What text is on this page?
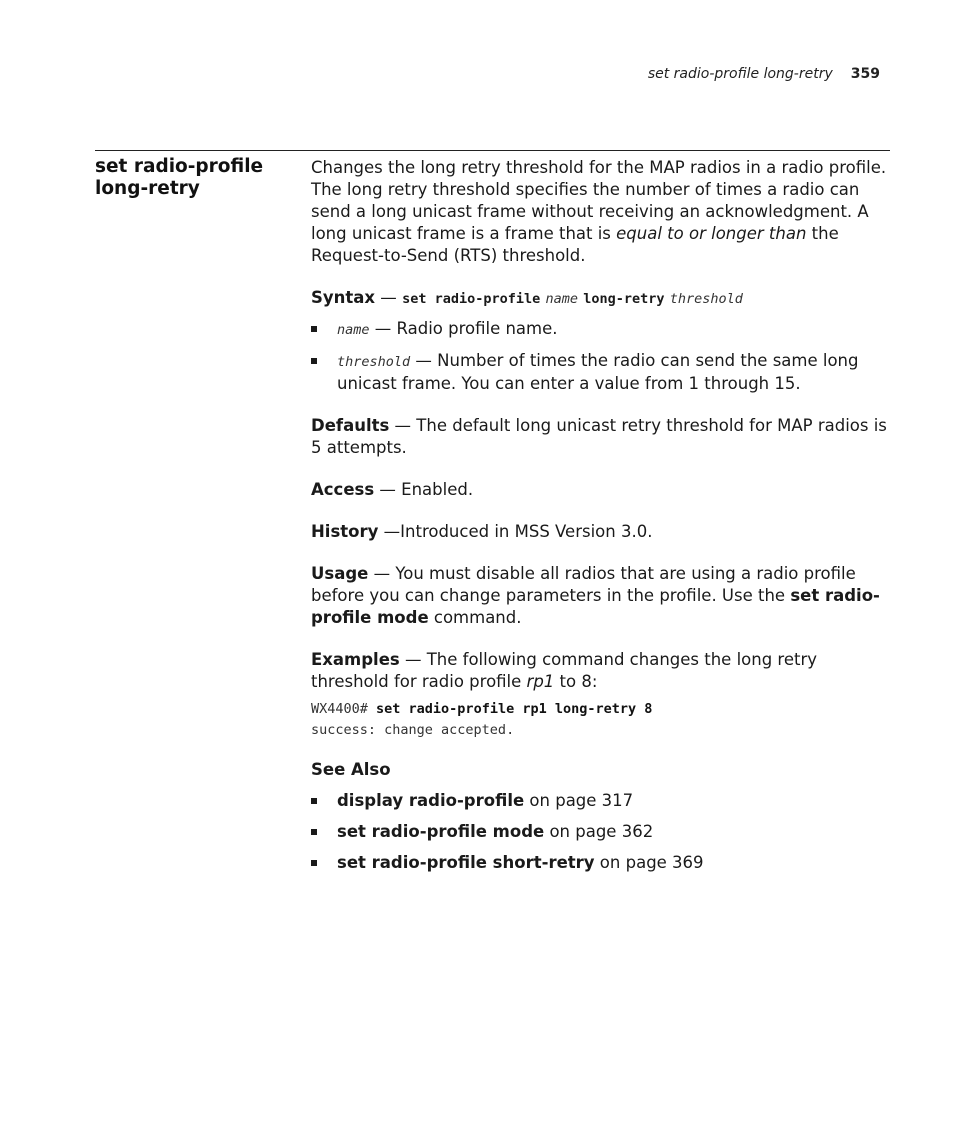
set radio-profile long-retry 359
set radio-profile long-retry

Changes the long retry threshold for the MAP radios in a radio profile. The long retry threshold specifies the number of times a radio can send a long unicast frame without receiving an acknowledgment. A long unicast frame is a frame that is equal to or longer than the Request-to-Send (RTS) threshold.

Syntax — set radio-profile name long-retry threshold

name — Radio profile name.
threshold — Number of times the radio can send the same long unicast frame. You can enter a value from 1 through 15.

Defaults — The default long unicast retry threshold for MAP radios is 5 attempts.

Access — Enabled.

History —Introduced in MSS Version 3.0.

Usage — You must disable all radios that are using a radio profile before you can change parameters in the profile. Use the set radio-profile mode command.

Examples — The following command changes the long retry threshold for radio profile rp1 to 8:

WX4400# set radio-profile rp1 long-retry 8
success: change accepted.

See Also

display radio-profile on page 317
set radio-profile mode on page 362
set radio-profile short-retry on page 369
